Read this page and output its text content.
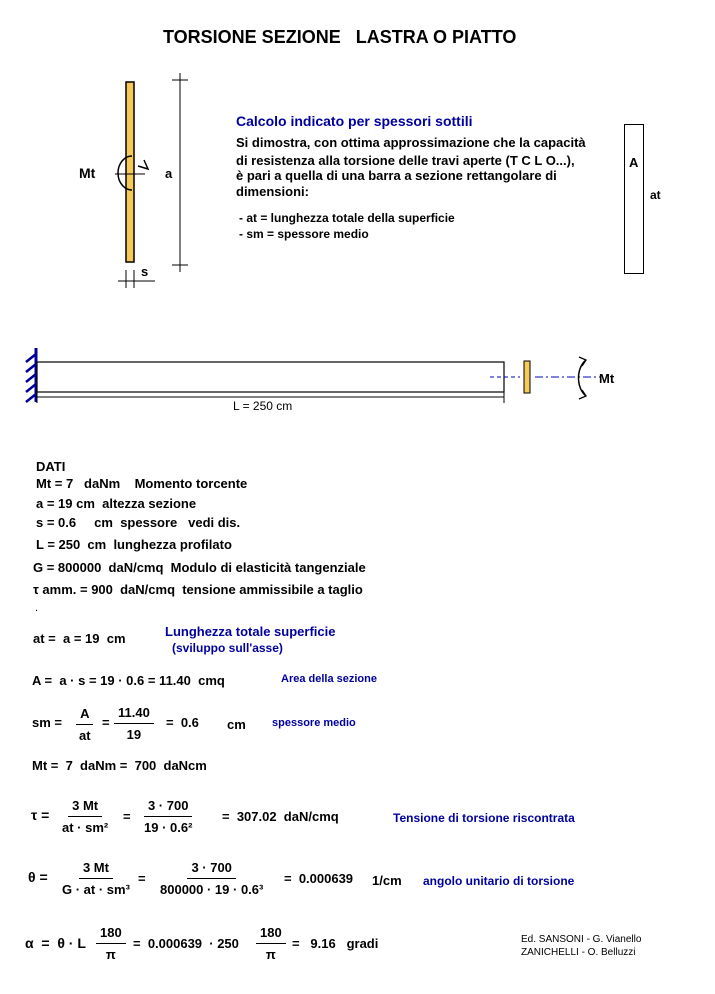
TORSIONE SEZIONE   LASTRA O PIATTO
Mt	a
s
Calcolo indicato per spessori sottili
Si dimostra, con ottima approssimazione che la capacità
di resistenza alla torsione delle travi aperte (T C L O...),
è pari a quella di una barra a sezione rettangolare di
dimensioni:
- at = lunghezza totale della superficie
- sm = spessore medio
A
at
L = 250 cm
Mt
DATI
Mt = 7   daNm    Momento torcente
a = 19 cm  altezza sezione
s = 0.6     cm  spessore   vedi dis.
L = 250  cm  lunghezza profilato
G = 800000  daN/cmq  Modulo di elasticità tangenziale
τ amm. = 900  daN/cmq  tensione ammissibile a taglio
.
at =  a = 19  cm	Lunghezza totale superficie
(sviluppo sull'asse)
A =  a · s = 19 · 0.6 = 11.40  cmq	Area della sezione
sm = $\frac{A}{at} = \frac{11.40}{19} = 0.6$ cm spessore medio
Mt =  7  daNm =  700  daNcm
$\tau = \frac{3 Mt}{\text{at · sm²}} = \frac{3 \cdot 700}{\text{19 · 0.6²}} = 307.02$  daN/cmq	Tensione di torsione riscontrata
$\theta = \frac{3 Mt}{\text{G · at · sm³}} = \frac{3 \cdot 700}{\text{800000 · 19 · 0.6³}} = 0.000639$ 1/cm angolo unitario di torsione
α  =  θ · L $\frac{180}{\pi} = 0.000639 \cdot 250 \frac{180}{\pi} = 9.16$   gradi	Ed. SANSONI - G. Vianello
ZANICHELLI - O. Belluzzi
